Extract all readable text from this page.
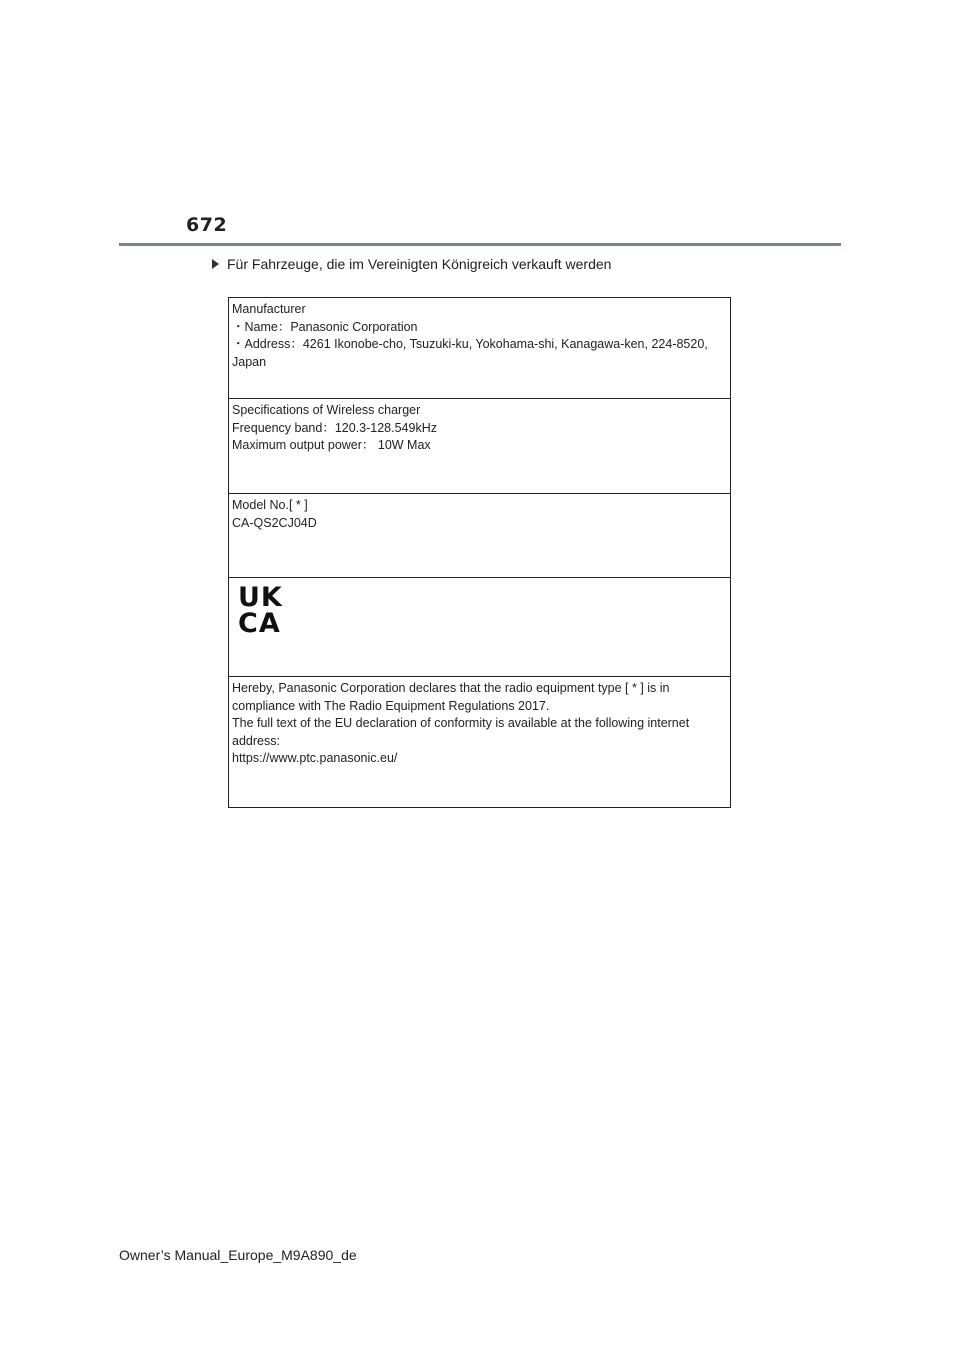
672
Für Fahrzeuge, die im Vereinigten Königreich verkauft werden
Manufacturer
・Name：Panasonic Corporation
・Address：4261 Ikonobe-cho, Tsuzuki-ku, Yokohama-shi, Kanagawa-ken, 224-8520, Japan

Specifications of Wireless charger
Frequency band：120.3-128.549kHz
Maximum output power： 10W Max

Model No.[ * ]
CA-QS2CJ04D

UK
CA

Hereby, Panasonic Corporation declares that the radio equipment type [ * ] is in compliance with The Radio Equipment Regulations 2017.
The full text of the EU declaration of conformity is available at the following internet address:
https://www.ptc.panasonic.eu/
Owner’s Manual_Europe_M9A890_de
